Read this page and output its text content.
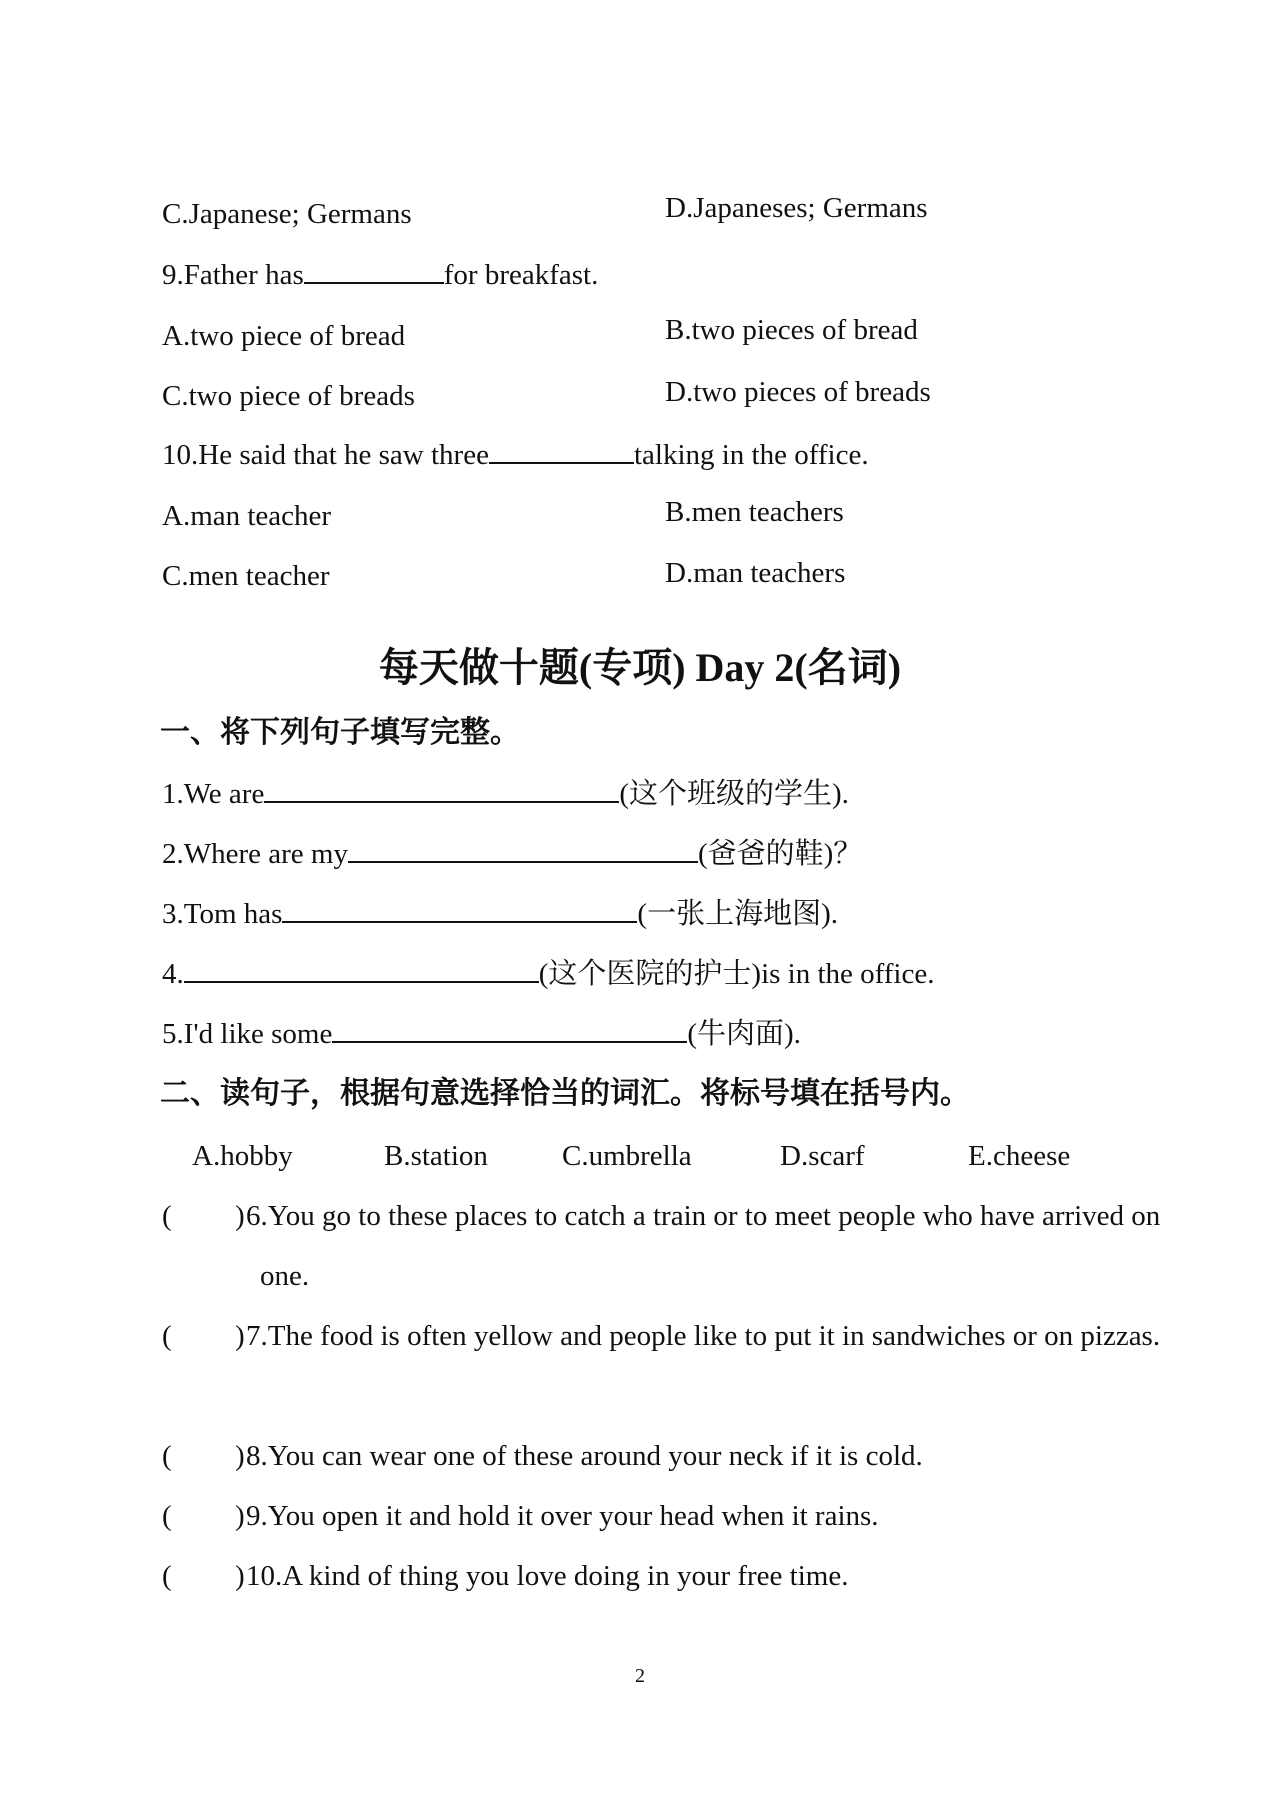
C.Japanese; Germans	D.Japaneses; Germans
9.Father has	for breakfast.
A.two piece of bread	B.two pieces of bread
C.two piece of breads	D.two pieces of breads
10.He said that he saw three	talking in the office.
A.man teacher	B.men teachers
C.men teacher	D.man teachers
每天做十题(专项) Day 2(名词)
一、将下列句子填写完整。
1.We are	(这个班级的学生).
2.Where are my	(爸爸的鞋)？
3.Tom has	(一张上海地图).
4.	(这个医院的护士)is in the office.
5.I'd like some	(牛肉面).
二、读句子，根据句意选择恰当的词汇。将标号填在括号内。
A.hobby	B.station	C.umbrella	D.scarf	E.cheese
( ) 6.You go to these places to catch a train or to meet people who have arrived on one.
( ) 7.The food is often yellow and people like to put it in sandwiches or on pizzas.
( ) 8.You can wear one of these around your neck if it is cold.
( ) 9.You open it and hold it over your head when it rains.
( ) 10.A kind of thing you love doing in your free time.
2
